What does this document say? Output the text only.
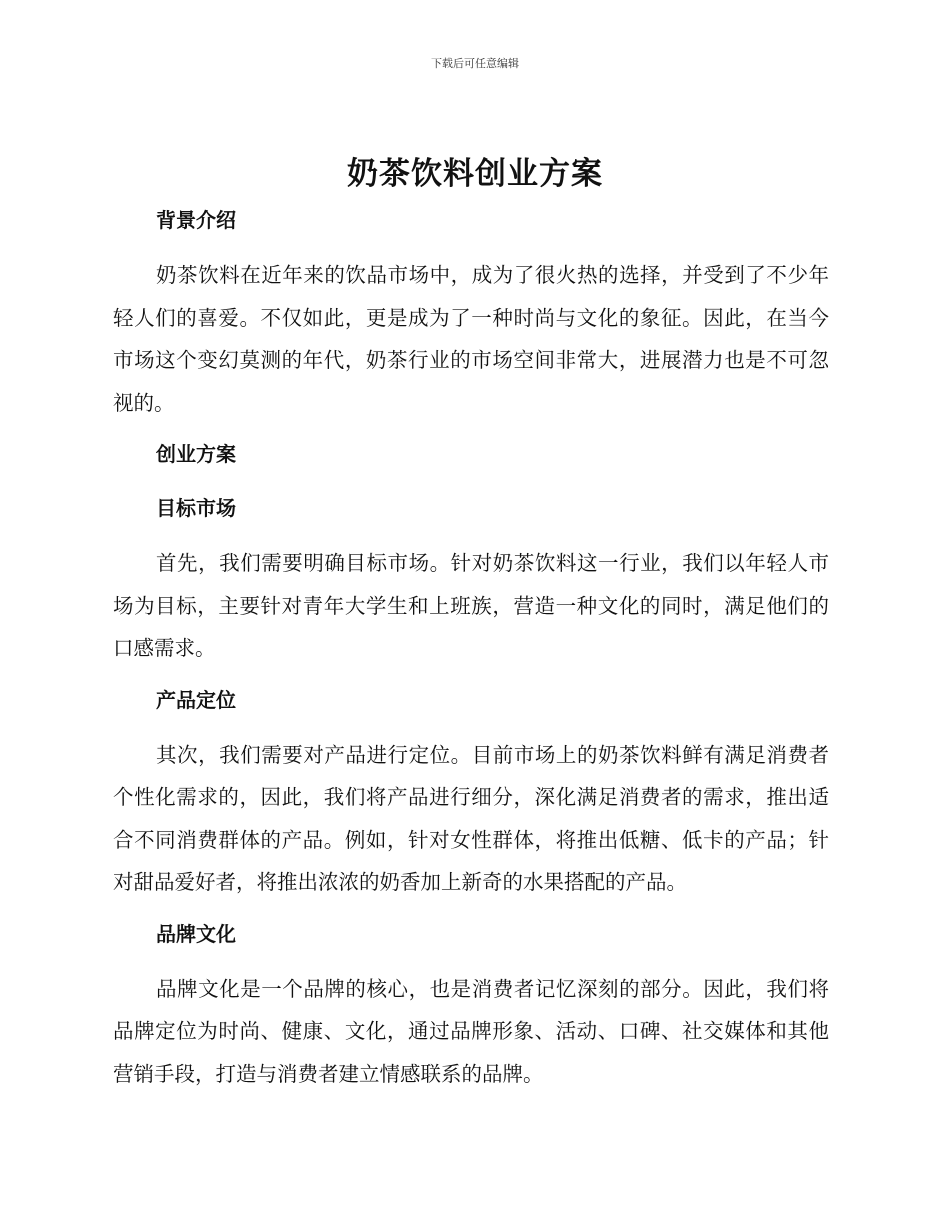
下载后可任意编辑
奶茶饮料创业方案
背景介绍

奶茶饮料在近年来的饮品市场中，成为了很火热的选择，并受到了不少年轻人们的喜爱。不仅如此，更是成为了一种时尚与文化的象征。因此，在当今市场这个变幻莫测的年代，奶茶行业的市场空间非常大，进展潜力也是不可忽视的。

创业方案
目标市场

首先，我们需要明确目标市场。针对奶茶饮料这一行业，我们以年轻人市场为目标，主要针对青年大学生和上班族，营造一种文化的同时，满足他们的口感需求。

产品定位

其次，我们需要对产品进行定位。目前市场上的奶茶饮料鲜有满足消费者个性化需求的，因此，我们将产品进行细分，深化满足消费者的需求，推出适合不同消费群体的产品。例如，针对女性群体，将推出低糖、低卡的产品；针对甜品爱好者，将推出浓浓的奶香加上新奇的水果搭配的产品。

品牌文化

品牌文化是一个品牌的核心，也是消费者记忆深刻的部分。因此，我们将品牌定位为时尚、健康、文化，通过品牌形象、活动、口碑、社交媒体和其他营销手段，打造与消费者建立情感联系的品牌。
